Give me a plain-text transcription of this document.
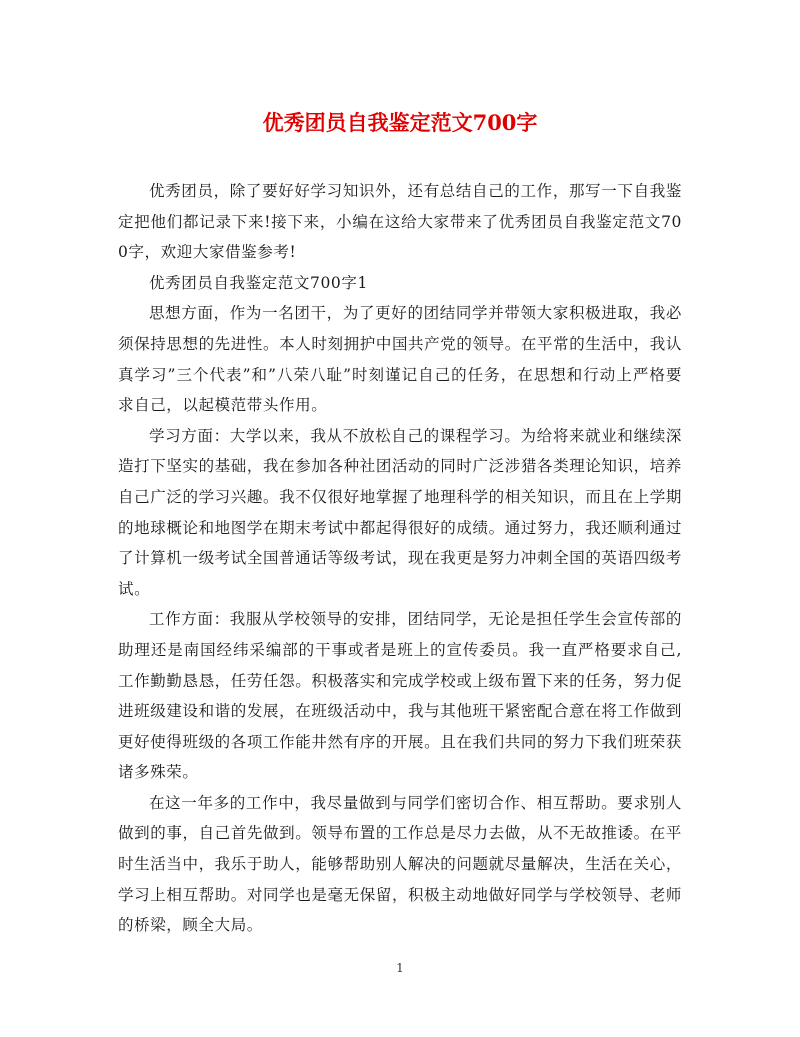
优秀团员自我鉴定范文700字

优秀团员，除了要好好学习知识外，还有总结自己的工作，那写一下自我鉴定把他们都记录下来!接下来，小编在这给大家带来了优秀团员自我鉴定范文700字，欢迎大家借鉴参考!

优秀团员自我鉴定范文700字1

思想方面，作为一名团干，为了更好的团结同学并带领大家积极进取，我必须保持思想的先进性。本人时刻拥护中国共产党的领导。在平常的生活中，我认真学习”三个代表”和”八荣八耻”时刻谨记自己的任务，在思想和行动上严格要求自己，以起模范带头作用。

学习方面：大学以来，我从不放松自己的课程学习。为给将来就业和继续深造打下坚实的基础，我在参加各种社团活动的同时广泛涉猎各类理论知识，培养自己广泛的学习兴趣。我不仅很好地掌握了地理科学的相关知识，而且在上学期的地球概论和地图学在期末考试中都起得很好的成绩。通过努力，我还顺利通过了计算机一级考试全国普通话等级考试，现在我更是努力冲刺全国的英语四级考试。

工作方面：我服从学校领导的安排，团结同学，无论是担任学生会宣传部的助理还是南国经纬采编部的干事或者是班上的宣传委员。我一直严格要求自己,工作勤勤恳恳，任劳任怨。积极落实和完成学校或上级布置下来的任务，努力促进班级建设和谐的发展，在班级活动中，我与其他班干紧密配合意在将工作做到更好使得班级的各项工作能井然有序的开展。且在我们共同的努力下我们班荣获诸多殊荣。

在这一年多的工作中，我尽量做到与同学们密切合作、相互帮助。要求别人做到的事，自己首先做到。领导布置的工作总是尽力去做，从不无故推诿。在平时生活当中，我乐于助人，能够帮助别人解决的问题就尽量解决，生活在关心，学习上相互帮助。对同学也是毫无保留，积极主动地做好同学与学校领导、老师的桥梁，顾全大局。

1
